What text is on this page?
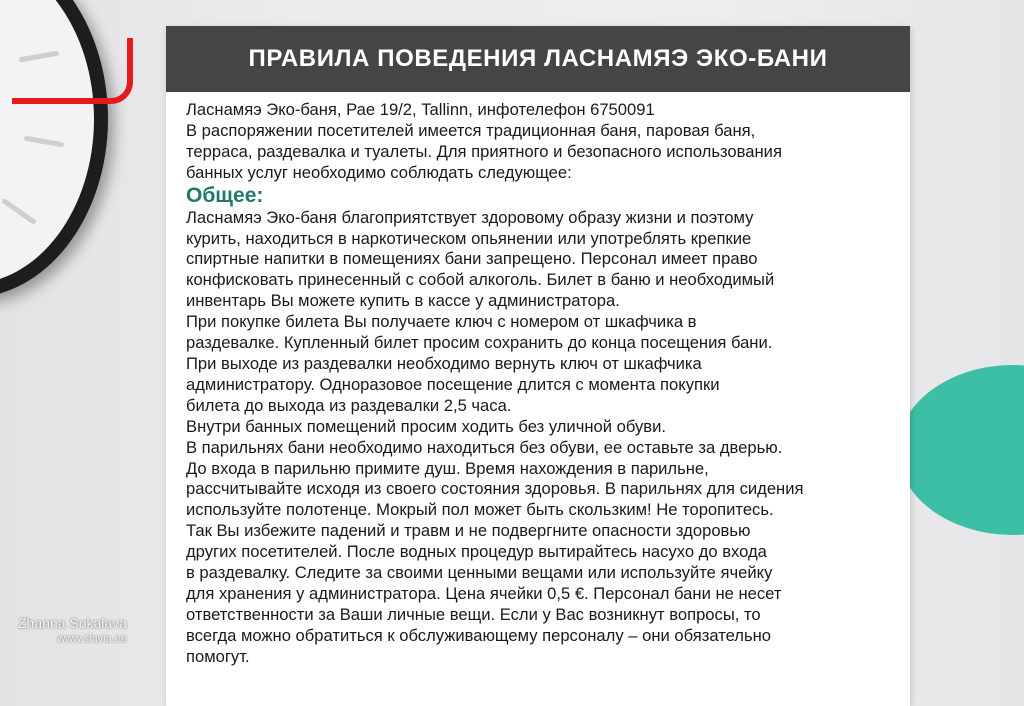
ПРАВИЛА ПОВЕДЕНИЯ ЛАСНАМЯЭ ЭКО-БАНИ
Ласнамяэ Эко-баня, Рае 19/2, Tallinn, инфотелефон 6750091
В распоряжении посетителей имеется традиционная баня, паровая баня,
терраса, раздевалка и туалеты. Для приятного и безопасного использования
банных услуг необходимо соблюдать следующее:
Общее:
Ласнамяэ Эко-баня благоприятствует здоровому образу жизни и поэтому
курить, находиться в наркотическом опьянении или употреблять крепкие
спиртные напитки в помещениях бани запрещено. Персонал имеет право
конфисковать принесенный с собой алкоголь. Билет в баню и необходимый
инвентарь Вы можете купить в кассе у администратора.
При покупке билета Вы получаете ключ с номером от шкафчика в
раздевалке. Купленный билет просим сохранить до конца посещения бани.
При выходе из раздевалки необходимо вернуть ключ от шкафчика
администратору. Одноразовое посещение длится с момента покупки
билета до выхода из раздевалки 2,5 часа.
Внутри банных помещений просим ходить без уличной обуви.
В парильнях бани необходимо находиться без обуви, ее оставьте за дверью.
До входа в парильню примите душ. Время нахождения в парильне,
рассчитывайте исходя из своего состояния здоровья. В парильнях для сидения
используйте полотенце. Мокрый пол может быть скользким! Не торопитесь.
Так Вы избежите падений и травм и не подвергните опасности здоровью
других посетителей. После водных процедур вытирайтесь насухо до входа
в раздевалку. Следите за своими ценными вещами или используйте ячейку
для хранения у администратора. Цена ячейки 0,5 €. Персонал бани не несет
ответственности за Ваши личные вещи. Если у Вас возникнут вопросы, то
всегда можно обратиться к обслуживающему персоналу – они обязательно
помогут.
Zhanna Sokalava
www.slavia.ee
